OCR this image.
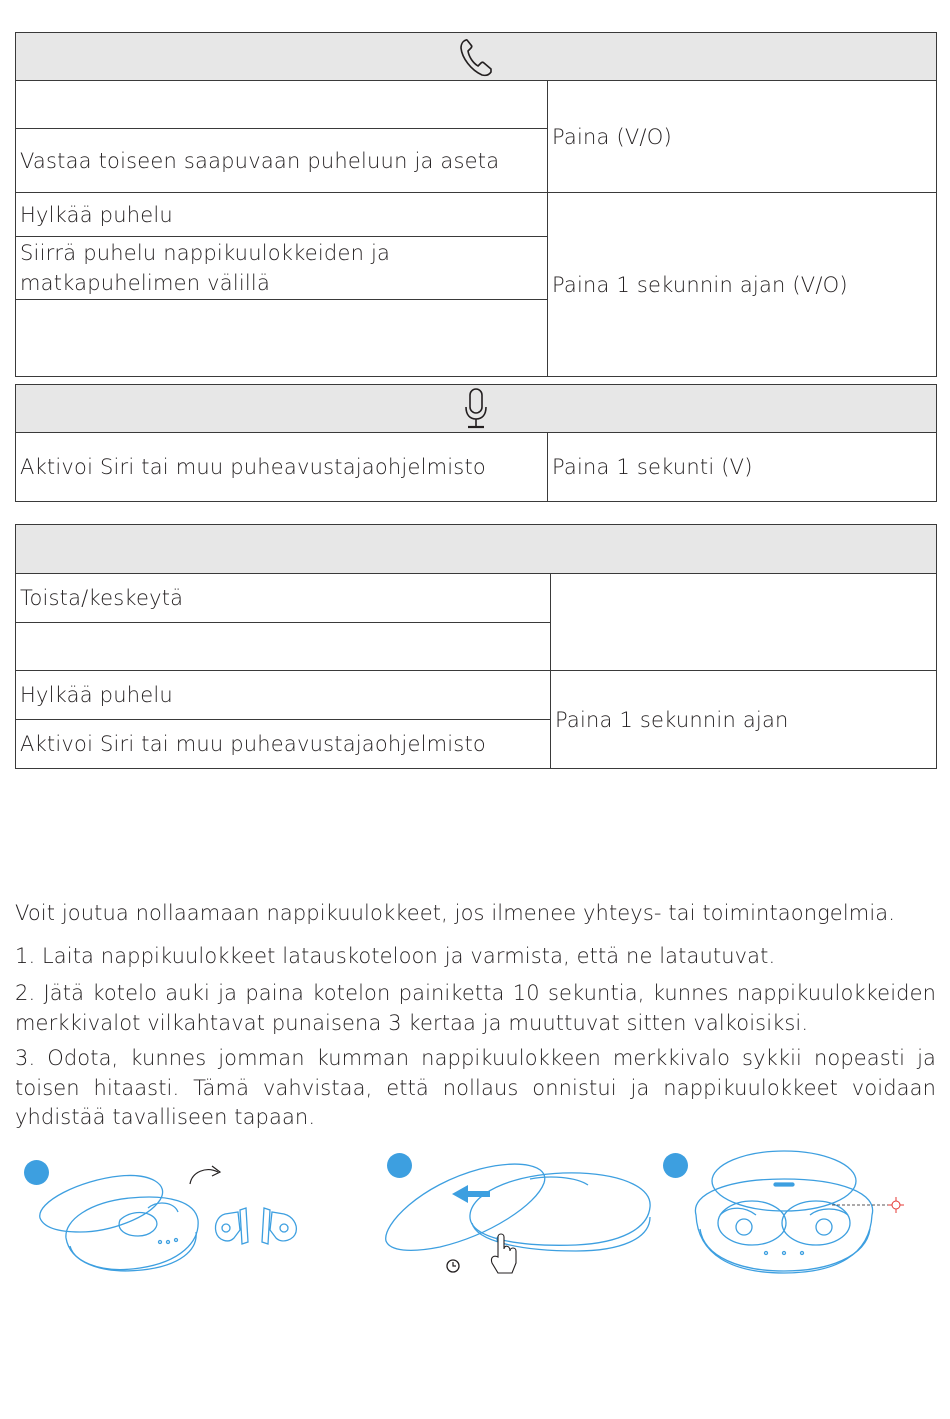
	Paina (V/O)
Vastaa toiseen saapuvaan puheluun ja aseta	
Hylkää puhelu	Paina 1 sekunnin ajan (V/O)
Siirrä puhelu nappikuulokkeiden ja matkapuhelimen välillä	

Aktivoi Siri tai muu puheavustajaohjelmisto	Paina 1 sekunti (V)

Toista/keskeytä	

Hylkää puhelu	Paina 1 sekunnin ajan
Aktivoi Siri tai muu puheavustajaohjelmisto	

Voit joutua nollaamaan nappikuulokkeet, jos ilmenee yhteys- tai toimintaongelmia.

1. Laita nappikuulokkeet latauskoteloon ja varmista, että ne latautuvat.

2. Jätä kotelo auki ja paina kotelon painiketta 10 sekuntia, kunnes nappikuulokkeiden merkkivalot vilkahtavat punaisena 3 kertaa ja muuttuvat sitten valkoisiksi.

3. Odota, kunnes jomman kumman nappikuulokkeen merkkivalo sykkii nopeasti ja toisen hitaasti. Tämä vahvistaa, että nollaus onnistui ja nappikuulokkeet voidaan yhdistää tavalliseen tapaan.
